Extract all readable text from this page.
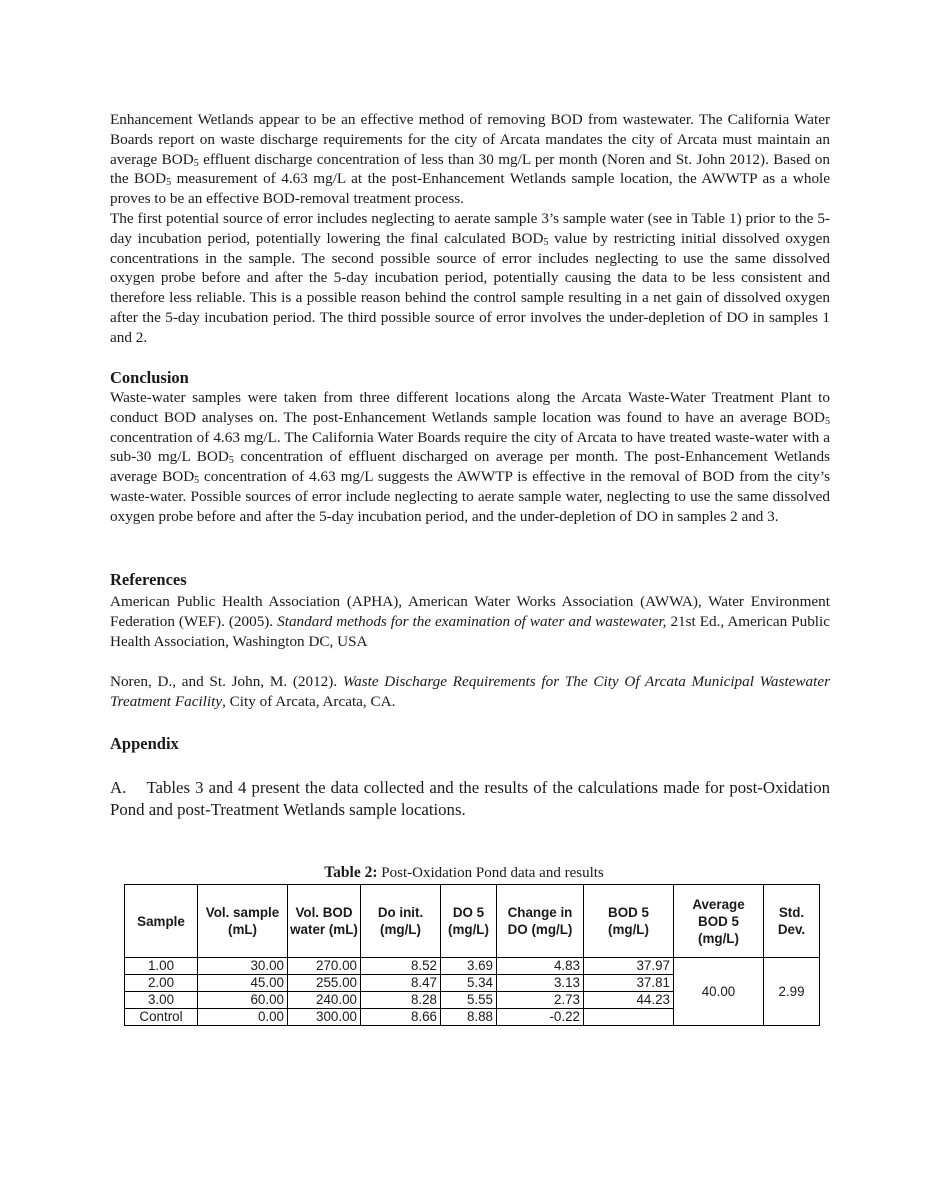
Enhancement Wetlands appear to be an effective method of removing BOD from wastewater. The California Water Boards report on waste discharge requirements for the city of Arcata mandates the city of Arcata must maintain an average $BOD_5$ effluent discharge concentration of less than 30 mg/L per month (Noren and St. John 2012). Based on the $BOD_5$ measurement of 4.63 mg/L at the post-Enhancement Wetlands sample location, the AWWTP as a whole proves to be an effective BOD-removal treatment process.

The first potential source of error includes neglecting to aerate sample 3’s sample water (see in Table 1) prior to the 5-day incubation period, potentially lowering the final calculated $BOD_5$ value by restricting initial dissolved oxygen concentrations in the sample. The second possible source of error includes neglecting to use the same dissolved oxygen probe before and after the 5-day incubation period, potentially causing the data to be less consistent and therefore less reliable. This is a possible reason behind the control sample resulting in a net gain of dissolved oxygen after the 5-day incubation period. The third possible source of error involves the under-depletion of DO in samples 1 and 2.

Conclusion

Waste-water samples were taken from three different locations along the Arcata Waste-Water Treatment Plant to conduct BOD analyses on. The post-Enhancement Wetlands sample location was found to have an average $BOD_5$ concentration of 4.63 mg/L. The California Water Boards require the city of Arcata to have treated waste-water with a sub-30 mg/L $BOD_5$ concentration of effluent discharged on average per month. The post-Enhancement Wetlands average $BOD_5$ concentration of 4.63 mg/L suggests the AWWTP is effective in the removal of BOD from the city’s waste-water. Possible sources of error include neglecting to aerate sample water, neglecting to use the same dissolved oxygen probe before and after the 5-day incubation period, and the under-depletion of DO in samples 2 and 3.

References

American Public Health Association (APHA), American Water Works Association (AWWA), Water Environment Federation (WEF). (2005). Standard methods for the examination of water and wastewater, 21st Ed., American Public Health Association, Washington DC, USA

Noren, D., and St. John, M. (2012). Waste Discharge Requirements for The City Of Arcata Municipal Wastewater Treatment Facility, City of Arcata, Arcata, CA.

Appendix

A.    Tables 3 and 4 present the data collected and the results of the calculations made for post-Oxidation Pond and post-Treatment Wetlands sample locations.

Table 2: Post-Oxidation Pond data and results
Sample	Vol. sample (mL)	Vol. BOD water (mL)	Do init. (mg/L)	DO 5 (mg/L)	Change in DO (mg/L)	BOD 5 (mg/L)	Average BOD 5 (mg/L)	Std. Dev.
1.00	30.00	270.00	8.52	3.69	4.83	37.97	40.00	2.99
2.00	45.00	255.00	8.47	5.34	3.13	37.81		
3.00	60.00	240.00	8.28	5.55	2.73	44.23		
Control	0.00	300.00	8.66	8.88	-0.22			
